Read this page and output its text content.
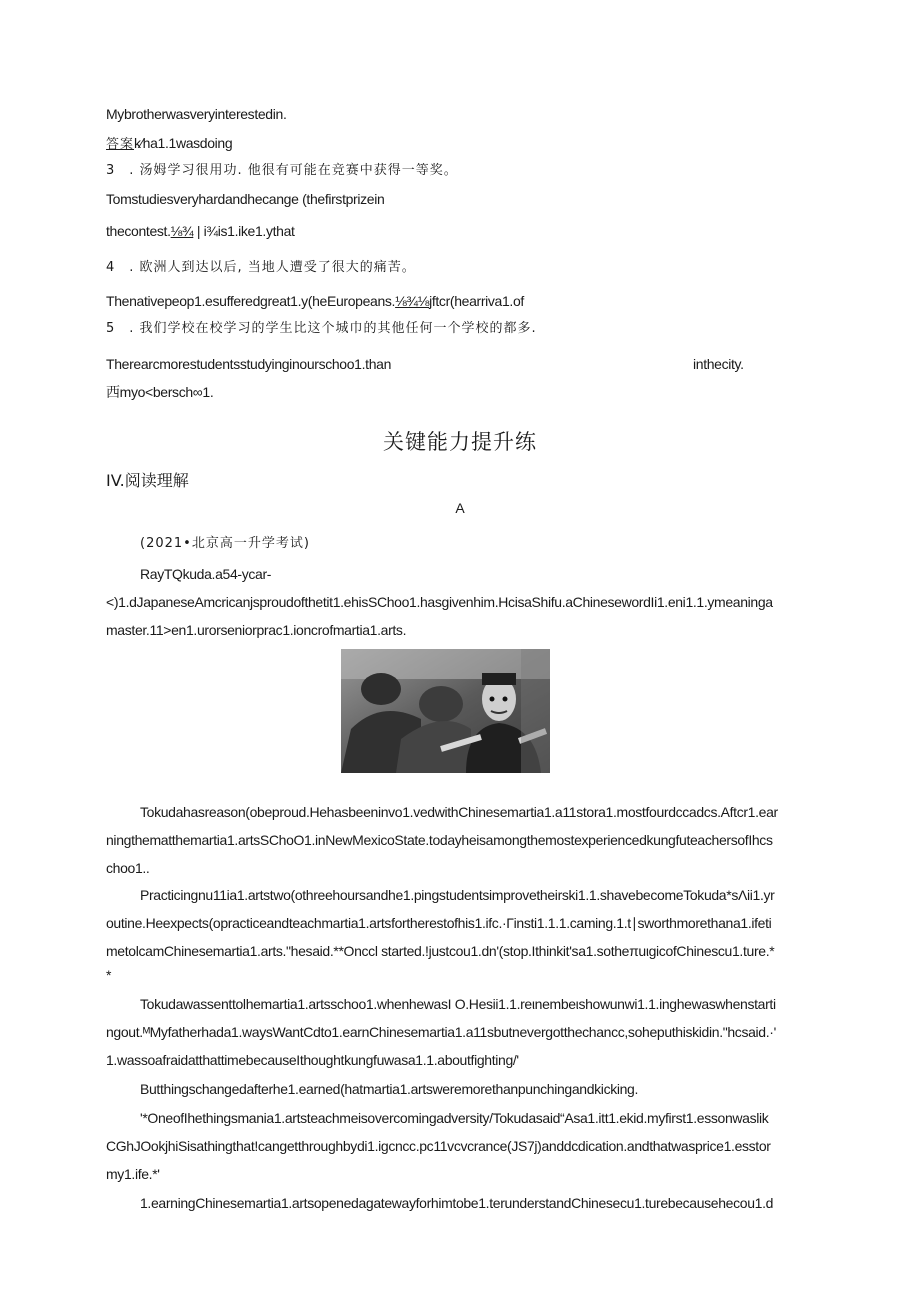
Mybrotherwasveryinterestedin.
答案k∕ha1.1wasdoing
3　. 汤姆学习很用功. 他很有可能在竞赛中获得一等奖。
Tomstudiesveryhardandhecange (thefirstprizein
thecontest.⅛¾ | i¾is1.ike1.ythat
4　. 欧洲人到达以后, 当地人遭受了很大的痛苦。
Thenativepeop1.esufferedgreat1.y(heEuropeans.⅛¾⅛jftcr(hearriva1.of
5　. 我们学校在校学习的学生比这个城巾的其他任何一个学校的都多.
Therearcmorestudentsstudyinginourschoo1.than	inthecity.
西myo<bersch∞1.
关键能力提升练
IV.阅读理解
A
(2021•北京高一升学考试)
RayTQkuda.a54-ycar-
<)1.dJapaneseAmcricanjsproudofthetit1.ehisSChoo1.hasgivenhim.HcisaShifu.aChinesewordIi1.eni1.1.ymeaninga
master.11>en1.urorseniorprac1.ioncrofmartia1.arts.
Tokudahasreason(obeproud.Hehasbeeninvo1.vedwithChinesemartia1.a11storа1.mostfourdccadcs.Aftcr1.ear
ningthematthemartia1.artsSChoO1.inNewMexicoState.todayheisamongthemostexperiencedkungfuteachersofIhcs
choo1..
Practicingnu11ia1.artstwo(othreehoursandhe1.pingstudentsimprovetheirski1.1.shavebecomeTokuda*sΛii1.yr
outine.Heexpects(opracticeandteachmartia1.artsfortherestofhis1.ifc.·Γinsti1.1.1.caming.1.t∣sworthmorethana1.ifeti
metolcamChinesemartia1.arts."hesaid.**Onccl started.!justcou1.dn'(stop.Ithinkit'sa1.sotheπuιgicofChinescu1.ture.*
*
Tokudawassenttolhemartia1.artsschoo1.whenhewasI O.Hesii1.1.reιnembeιshowunwi1.1.inghewaswhenstarti
ngout.ᴹMyfatherhada1.waysWantCdto1.earnChinesemartia1.a11sbutnevergotthechancc,soheputhiskidin."hcsaid.·'
1.wassoafraidatthattimebecauseIthoughtkungfuwasa1.1.aboutfighting/'
Butthingschangedafterhe1.earned(hatmartia1.artsweremorethanpunchingandkicking.
'*OneofIhethingsmania1.artsteachmeisovercomingadversity/Tokudasaid“Asa1.itt1.ekid.myfirst1.essonwaslik
CGhJOokjhiSisathingthat!cangetthroughbydi1.igcncc.pc11vcvcrance(JS7j)anddcdication.andthatwasprice1.esstor
my1.ife.*'
1.earningChinesemartia1.artsopenedagatewayforhimtobe1.terunderstandChinesecu1.turebecausehecou1.d
